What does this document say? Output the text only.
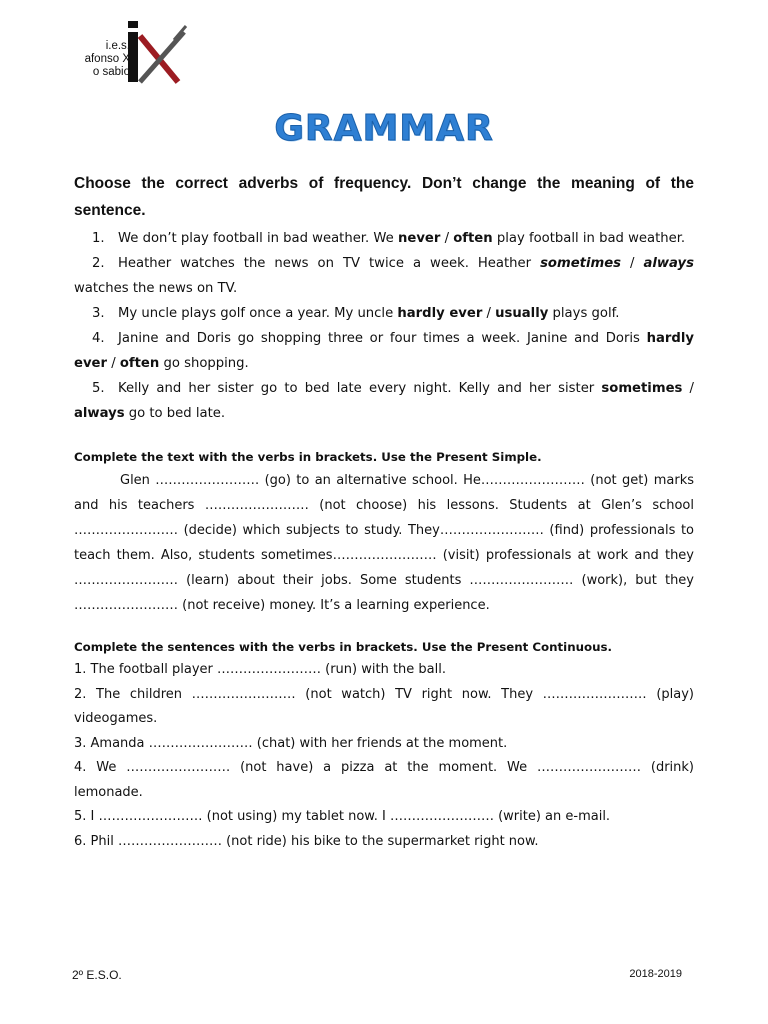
i.e.s.
afonso X
o sabio
GRAMMAR

Choose the correct adverbs of frequency. Don’t change the meaning of the sentence.

1. We don’t play football in bad weather. We never / often play football in bad weather.
2. Heather watches the news on TV twice a week. Heather sometimes / always watches the news on TV.
3. My uncle plays golf once a year. My uncle hardly ever / usually plays golf.
4. Janine and Doris go shopping three or four times a week. Janine and Doris hardly ever / often go shopping.
5. Kelly and her sister go to bed late every night. Kelly and her sister sometimes / always go to bed late.

Complete the text with the verbs in brackets. Use the Present Simple.

Glen …………………… (go) to an alternative school. He…………………… (not get) marks and his teachers …………………… (not choose) his lessons. Students at Glen’s school …………………… (decide) which subjects to study. They…………………… (find) professionals to teach them. Also, students sometimes…………………… (visit) professionals at work and they …………………… (learn) about their jobs. Some students …………………… (work), but they …………………… (not receive) money. It’s a learning experience.

Complete the sentences with the verbs in brackets. Use the Present Continuous.

1. The football player …………………… (run) with the ball.
2. The children …………………… (not watch) TV right now. They …………………… (play) videogames.
3. Amanda …………………… (chat) with her friends at the moment.
4. We …………………… (not have) a pizza at the moment. We …………………… (drink) lemonade.
5. I …………………… (not using) my tablet now. I …………………… (write) an e-mail.
6. Phil …………………… (not ride) his bike to the supermarket right now.
2º E.S.O.	2018-2019
